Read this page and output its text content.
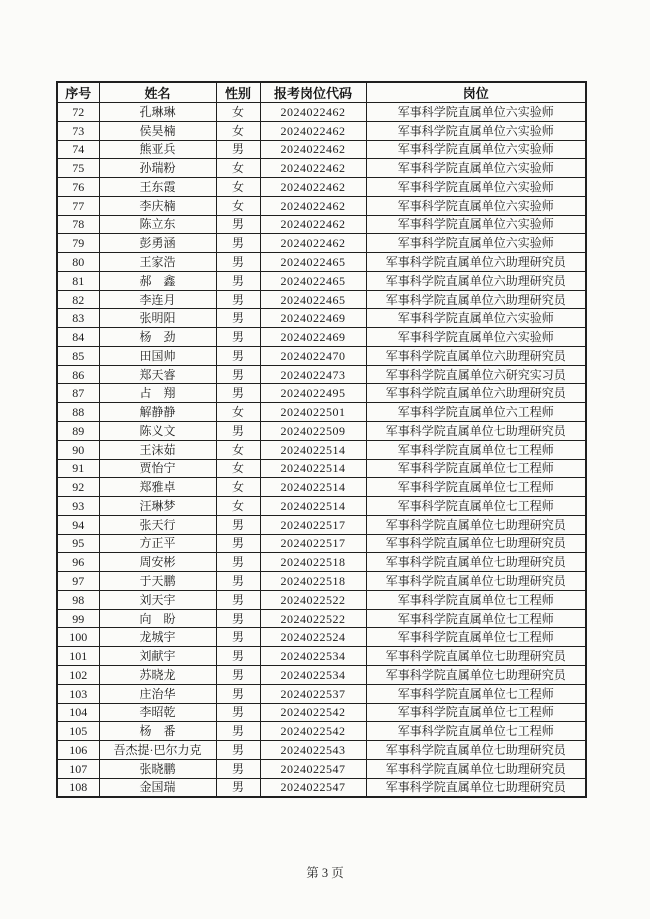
序号	姓名	性别	报考岗位代码	岗位
72	孔琳琳	女	2024022462	军事科学院直属单位六实验师
73	侯昊楠	女	2024022462	军事科学院直属单位六实验师
74	熊亚兵	男	2024022462	军事科学院直属单位六实验师
75	孙瑞粉	女	2024022462	军事科学院直属单位六实验师
76	王东霞	女	2024022462	军事科学院直属单位六实验师
77	李庆楠	女	2024022462	军事科学院直属单位六实验师
78	陈立东	男	2024022462	军事科学院直属单位六实验师
79	彭勇涵	男	2024022462	军事科学院直属单位六实验师
80	王家浩	男	2024022465	军事科学院直属单位六助理研究员
81	郝　鑫	男	2024022465	军事科学院直属单位六助理研究员
82	李连月	男	2024022465	军事科学院直属单位六助理研究员
83	张明阳	男	2024022469	军事科学院直属单位六实验师
84	杨　劲	男	2024022469	军事科学院直属单位六实验师
85	田国帅	男	2024022470	军事科学院直属单位六助理研究员
86	郑天睿	男	2024022473	军事科学院直属单位六研究实习员
87	占　翔	男	2024022495	军事科学院直属单位六助理研究员
88	解静静	女	2024022501	军事科学院直属单位六工程师
89	陈义文	男	2024022509	军事科学院直属单位七助理研究员
90	王沫茹	女	2024022514	军事科学院直属单位七工程师
91	贾怡宁	女	2024022514	军事科学院直属单位七工程师
92	郑雅卓	女	2024022514	军事科学院直属单位七工程师
93	汪琳梦	女	2024022514	军事科学院直属单位七工程师
94	张天行	男	2024022517	军事科学院直属单位七助理研究员
95	方正平	男	2024022517	军事科学院直属单位七助理研究员
96	周安彬	男	2024022518	军事科学院直属单位七助理研究员
97	于天鹏	男	2024022518	军事科学院直属单位七助理研究员
98	刘天宇	男	2024022522	军事科学院直属单位七工程师
99	向　盼	男	2024022522	军事科学院直属单位七工程师
100	龙城宇	男	2024022524	军事科学院直属单位七工程师
101	刘献宇	男	2024022534	军事科学院直属单位七助理研究员
102	苏晓龙	男	2024022534	军事科学院直属单位七助理研究员
103	庄治华	男	2024022537	军事科学院直属单位七工程师
104	李昭乾	男	2024022542	军事科学院直属单位七工程师
105	杨　番	男	2024022542	军事科学院直属单位七工程师
106	吾杰提·巴尔力克	男	2024022543	军事科学院直属单位七助理研究员
107	张晓鹏	男	2024022547	军事科学院直属单位七助理研究员
108	金国瑞	男	2024022547	军事科学院直属单位七助理研究员
第 3 页
